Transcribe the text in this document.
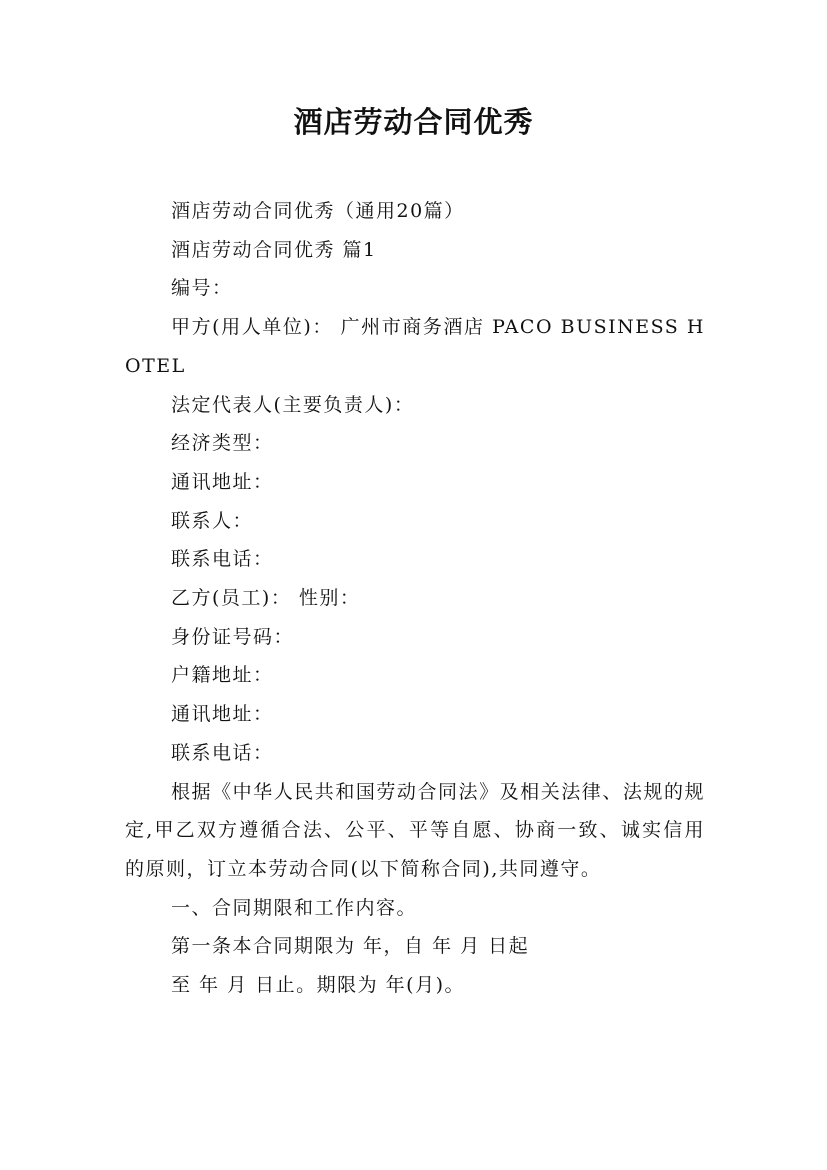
酒店劳动合同优秀

酒店劳动合同优秀（通用20篇）

酒店劳动合同优秀 篇1

编号：

甲方(用人单位)： 广州市商务酒店 PACO BUSINESS HOTEL

法定代表人(主要负责人)：

经济类型：

通讯地址：

联系人：

联系电话：

乙方(员工)： 性别：

身份证号码：

户籍地址：

通讯地址：

联系电话：

根据《中华人民共和国劳动合同法》及相关法律、法规的规定,甲乙双方遵循合法、公平、平等自愿、协商一致、诚实信用的原则，订立本劳动合同(以下简称合同),共同遵守。

一、合同期限和工作内容。

第一条本合同期限为 年，自 年 月 日起

至 年 月 日止。期限为 年(月)。
